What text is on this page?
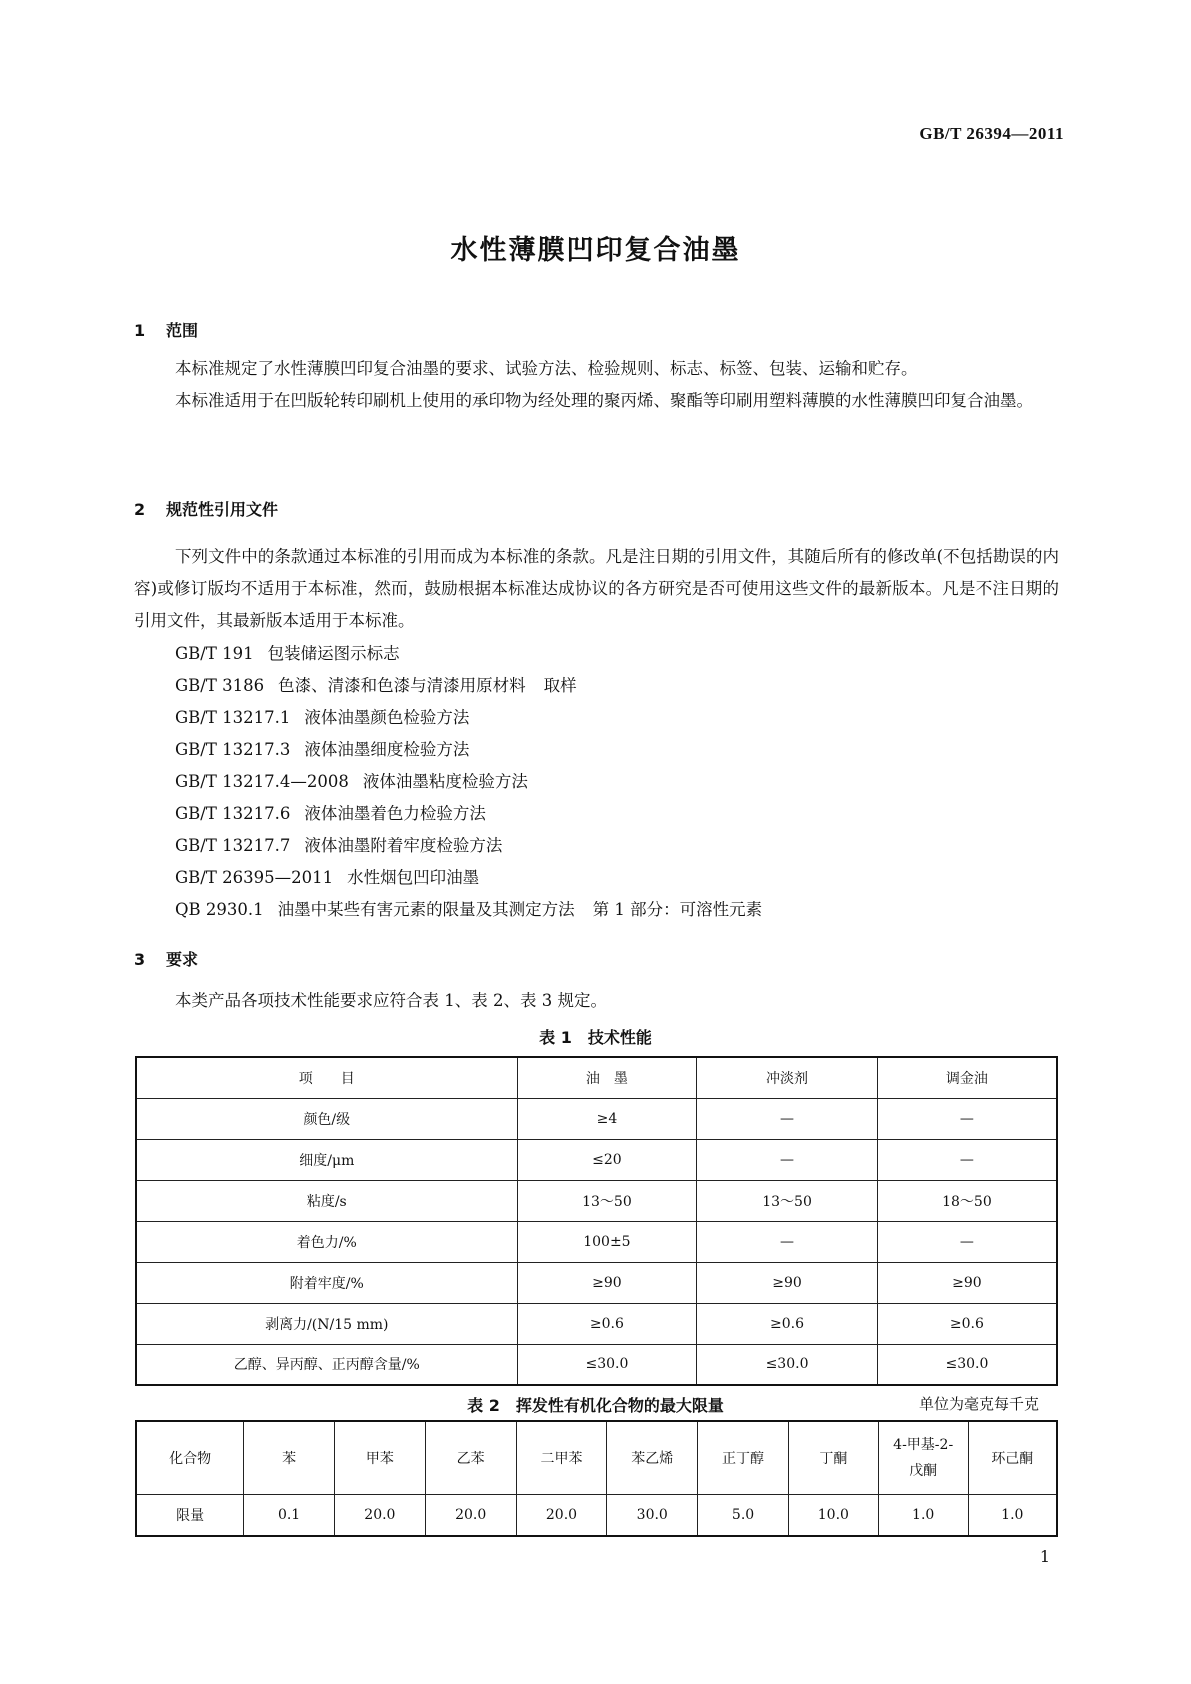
GB/T 26394—2011
水性薄膜凹印复合油墨
1 范围

本标准规定了水性薄膜凹印复合油墨的要求、试验方法、检验规则、标志、标签、包装、运输和贮存。

本标准适用于在凹版轮转印刷机上使用的承印物为经处理的聚丙烯、聚酯等印刷用塑料薄膜的水性薄膜凹印复合油墨。

2 规范性引用文件

下列文件中的条款通过本标准的引用而成为本标准的条款。凡是注日期的引用文件，其随后所有的修改单(不包括勘误的内容)或修订版均不适用于本标准，然而，鼓励根据本标准达成协议的各方研究是否可使用这些文件的最新版本。凡是不注日期的引用文件，其最新版本适用于本标准。

GB/T 191 包装储运图示标志
GB/T 3186 色漆、清漆和色漆与清漆用原材料 取样
GB/T 13217.1 液体油墨颜色检验方法
GB/T 13217.3 液体油墨细度检验方法
GB/T 13217.4—2008 液体油墨粘度检验方法
GB/T 13217.6 液体油墨着色力检验方法
GB/T 13217.7 液体油墨附着牢度检验方法
GB/T 26395—2011 水性烟包凹印油墨
QB 2930.1 油墨中某些有害元素的限量及其测定方法 第 1 部分：可溶性元素
3 要求

本类产品各项技术性能要求应符合表 1、表 2、表 3 规定。

表 1　技术性能
项　　目	油　墨	冲淡剂	调金油
颜色/级	≥4	—	—
细度/μm	≤20	—	—
粘度/s	13～50	13～50	18～50
着色力/%	100±5	—	—
附着牢度/%	≥90	≥90	≥90
剥离力/(N/15 mm)	≥0.6	≥0.6	≥0.6
乙醇、异丙醇、正丙醇含量/%	≤30.0	≤30.0	≤30.0
表 2　挥发性有机化合物的最大限量	单位为毫克每千克
化合物	苯	甲苯	乙苯	二甲苯	苯乙烯	正丁醇	丁酮	4-甲基-2-戊酮	环己酮
限量	0.1	20.0	20.0	20.0	30.0	5.0	10.0	1.0	1.0
1
